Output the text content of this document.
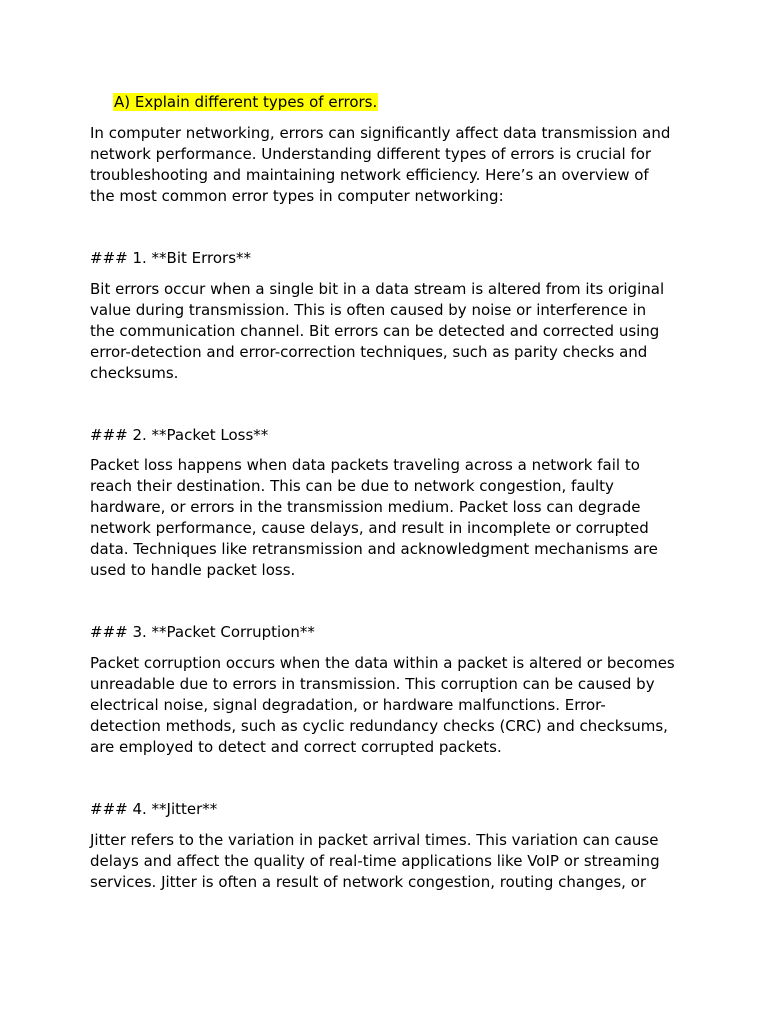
A) Explain different types of errors.

In computer networking, errors can significantly affect data transmission and
network performance. Understanding different types of errors is crucial for
troubleshooting and maintaining network efficiency. Here’s an overview of
the most common error types in computer networking:

### 1. **Bit Errors**

Bit errors occur when a single bit in a data stream is altered from its original
value during transmission. This is often caused by noise or interference in
the communication channel. Bit errors can be detected and corrected using
error-detection and error-correction techniques, such as parity checks and
checksums.

### 2. **Packet Loss**

Packet loss happens when data packets traveling across a network fail to
reach their destination. This can be due to network congestion, faulty
hardware, or errors in the transmission medium. Packet loss can degrade
network performance, cause delays, and result in incomplete or corrupted
data. Techniques like retransmission and acknowledgment mechanisms are
used to handle packet loss.

### 3. **Packet Corruption**

Packet corruption occurs when the data within a packet is altered or becomes
unreadable due to errors in transmission. This corruption can be caused by
electrical noise, signal degradation, or hardware malfunctions. Error-
detection methods, such as cyclic redundancy checks (CRC) and checksums,
are employed to detect and correct corrupted packets.

### 4. **Jitter**

Jitter refers to the variation in packet arrival times. This variation can cause
delays and affect the quality of real-time applications like VoIP or streaming
services. Jitter is often a result of network congestion, routing changes, or
